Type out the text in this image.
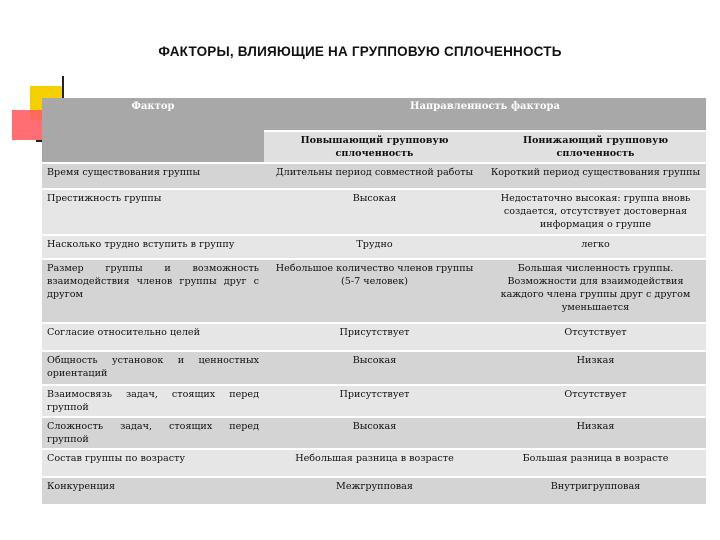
ФАКТОРЫ, ВЛИЯЮЩИЕ НА ГРУППОВУЮ СПЛОЧЕННОСТЬ
Фактор	Направленность фактора	
	Повышающий групповую сплоченность	Понижающий групповую сплоченность
Время существования группы	Длительны период совместной работы	Короткий период существования группы
Престижность группы	Высокая	Недостаточно высокая: группа вновь создается, отсутствует достоверная информация о группе
Насколько трудно вступить в группу	Трудно	легко
Размер группы и возможность взаимодействия членов группы друг с другом	Небольшое количество членов группы (5-7 человек)	Большая численность группы. Возможности для взаимодействия каждого члена группы друг с другом уменьшается
Согласие относительно целей	Присутствует	Отсутствует
Общность установок и ценностных ориентаций	Высокая	Низкая
Взаимосвязь задач, стоящих перед группой	Присутствует	Отсутствует
Сложность задач, стоящих перед группой	Высокая	Низкая
Состав группы по возрасту	Небольшая разница в возрасте	Большая разница в возрасте
Конкуренция	Межгрупповая	Внутригрупповая
